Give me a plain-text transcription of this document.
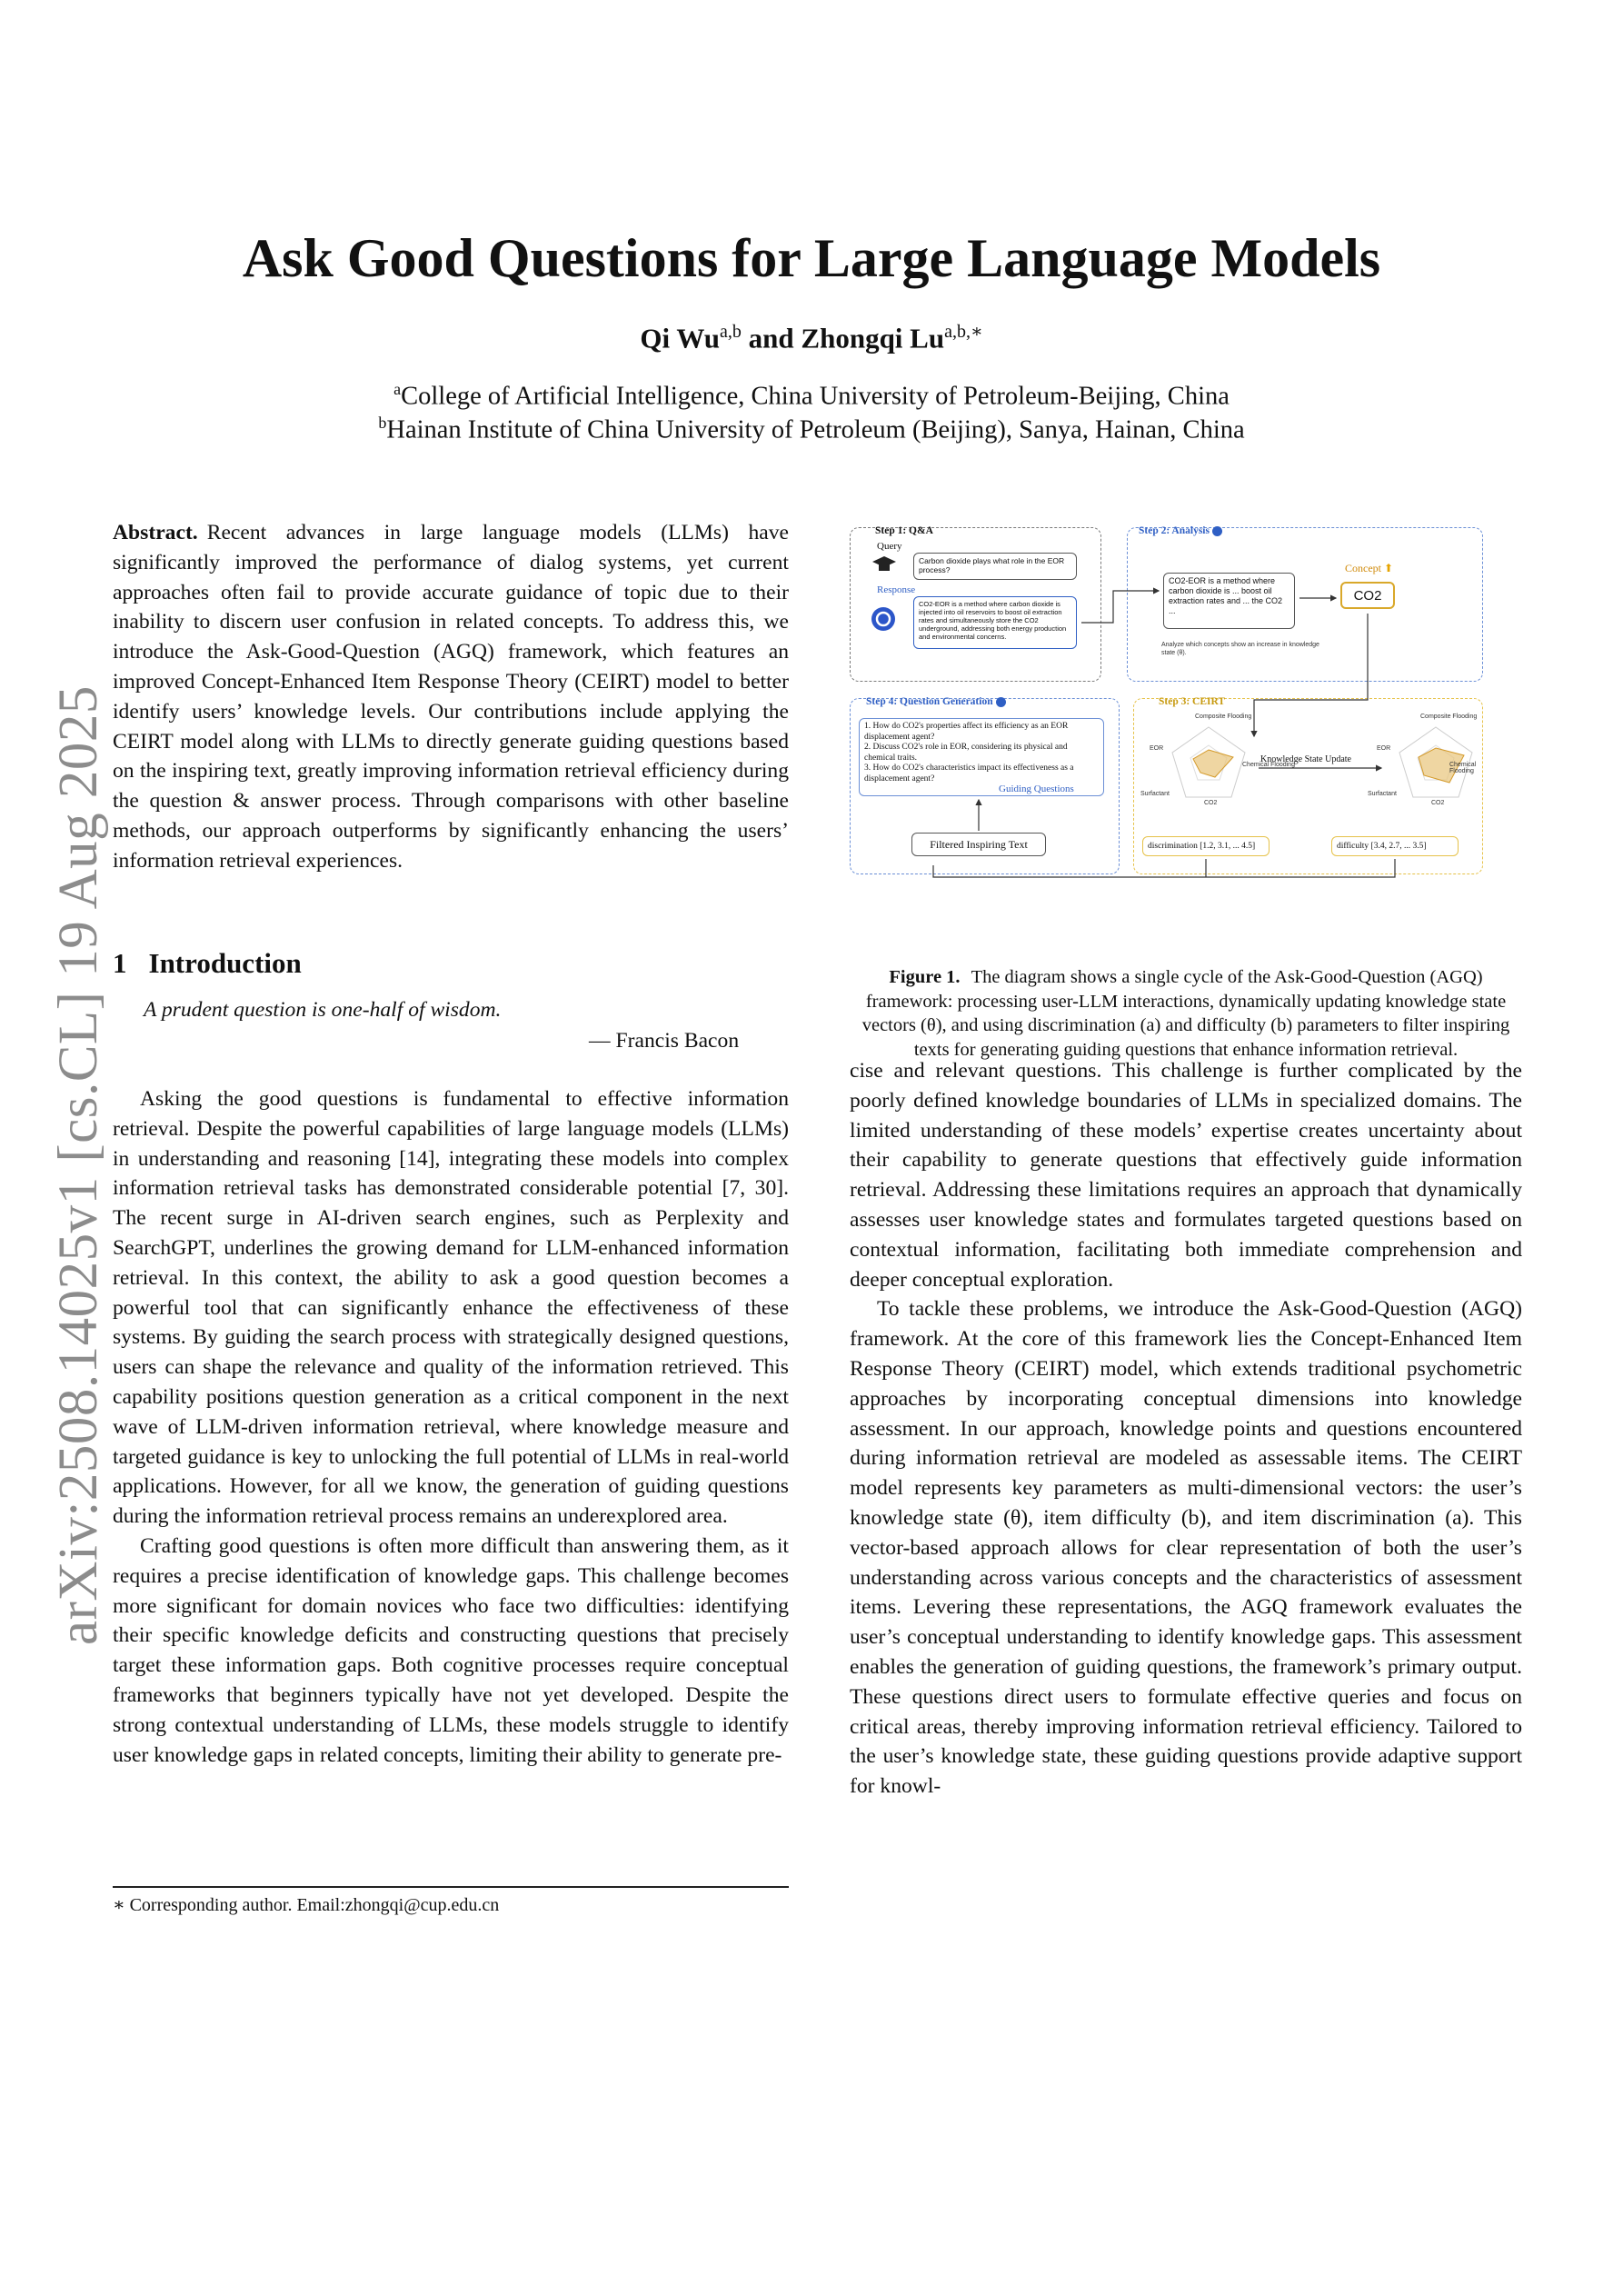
arXiv:2508.14025v1 [cs.CL] 19 Aug 2025
Ask Good Questions for Large Language Models
Qi Wu$^{a,b}$ and Zhongqi $Lu^{a,b,∗}$
$^a$College of Artificial Intelligence, China University of Petroleum-Beijing, China
$^b$Hainan Institute of China University of Petroleum (Beijing), Sanya, Hainan, China
Abstract. Recent advances in large language models (LLMs) have significantly improved the performance of dialog systems, yet current approaches often fail to provide accurate guidance of topic due to their inability to discern user confusion in related concepts. To address this, we introduce the Ask-Good-Question (AGQ) framework, which features an improved Concept-Enhanced Item Response Theory (CEIRT) model to better identify users’ knowledge levels. Our contributions include applying the CEIRT model along with LLMs to directly generate guiding questions based on the inspiring text, greatly improving information retrieval efficiency during the question & answer process. Through comparisons with other baseline methods, our approach outperforms by significantly enhancing the users’ information retrieval experiences.
1 Introduction
A prudent question is one-half of wisdom.
— Francis Bacon

Asking the good questions is fundamental to effective information retrieval. Despite the powerful capabilities of large language models (LLMs) in understanding and reasoning [14], integrating these models into complex information retrieval tasks has demonstrated considerable potential [7, 30]. The recent surge in AI-driven search engines, such as Perplexity and SearchGPT, underlines the growing demand for LLM-enhanced information retrieval. In this context, the ability to ask a good question becomes a powerful tool that can significantly enhance the effectiveness of these systems. By guiding the search process with strategically designed questions, users can shape the relevance and quality of the information retrieved. This capability positions question generation as a critical component in the next wave of LLM-driven information retrieval, where knowledge measure and targeted guidance is key to unlocking the full potential of LLMs in real-world applications. However, for all we know, the generation of guiding questions during the information retrieval process remains an underexplored area.

Crafting good questions is often more difficult than answering them, as it requires a precise identification of knowledge gaps. This challenge becomes more significant for domain novices who face two difficulties: identifying their specific knowledge deficits and constructing questions that precisely target these information gaps. Both cognitive processes require conceptual frameworks that beginners typically have not yet developed. Despite the strong contextual understanding of LLMs, these models struggle to identify user knowledge gaps in related concepts, limiting their ability to generate pre-

∗ Corresponding author. Email:zhongqi@cup.edu.cn
Step 1: Q&A
Query
Carbon dioxide plays what role in the EOR process?
Response
CO2-EOR is a method where carbon dioxide is injected into oil reservoirs to boost oil extraction rates and simultaneously store the CO2 underground, addressing both energy production and environmental concerns.
Step 2: Analysis
CO2-EOR is a method where carbon dioxide is ... boost oil extraction rates and ... the CO2 ...
Analyze which concepts show an increase in knowledge state (θ).
Concept ⬆
CO2
Step 4: Question Generation
1. How do CO2's properties affect its efficiency as an EOR displacement agent?
2. Discuss CO2's role in EOR, considering its physical and chemical traits.
3. How do CO2's characteristics impact its effectiveness as a displacement agent?
Guiding Questions
Filtered Inspiring Text
Step 3: CEIRT
Knowledge State Update
Composite Flooding
Chemical Flooding
CO2
Surfactant
EOR
Composite Flooding
Chemical Flooding
CO2
Surfactant
EOR
discrimination [1.2, 3.1, ... 4.5]	difficulty [3.4, 2.7, ... 3.5]
Figure 1. The diagram shows a single cycle of the Ask-Good-Question (AGQ) framework: processing user-LLM interactions, dynamically updating knowledge state vectors (θ), and using discrimination (a) and difficulty (b) parameters to filter inspiring texts for generating guiding questions that enhance information retrieval.

cise and relevant questions. This challenge is further complicated by the poorly defined knowledge boundaries of LLMs in specialized domains. The limited understanding of these models’ expertise creates uncertainty about their capability to generate questions that effectively guide information retrieval. Addressing these limitations requires an approach that dynamically assesses user knowledge states and formulates targeted questions based on contextual information, facilitating both immediate comprehension and deeper conceptual exploration.

To tackle these problems, we introduce the Ask-Good-Question (AGQ) framework. At the core of this framework lies the Concept-Enhanced Item Response Theory (CEIRT) model, which extends traditional psychometric approaches by incorporating conceptual dimensions into knowledge assessment. In our approach, knowledge points and questions encountered during information retrieval are modeled as assessable items. The CEIRT model represents key parameters as multi-dimensional vectors: the user’s knowledge state (θ), item difficulty (b), and item discrimination (a). This vector-based approach allows for clear representation of both the user’s understanding across various concepts and the characteristics of assessment items. Levering these representations, the AGQ framework evaluates the user’s conceptual understanding to identify knowledge gaps. This assessment enables the generation of guiding questions, the framework’s primary output. These questions direct users to formulate effective queries and focus on critical areas, thereby improving information retrieval efficiency. Tailored to the user’s knowledge state, these guiding questions provide adaptive support for knowl-
